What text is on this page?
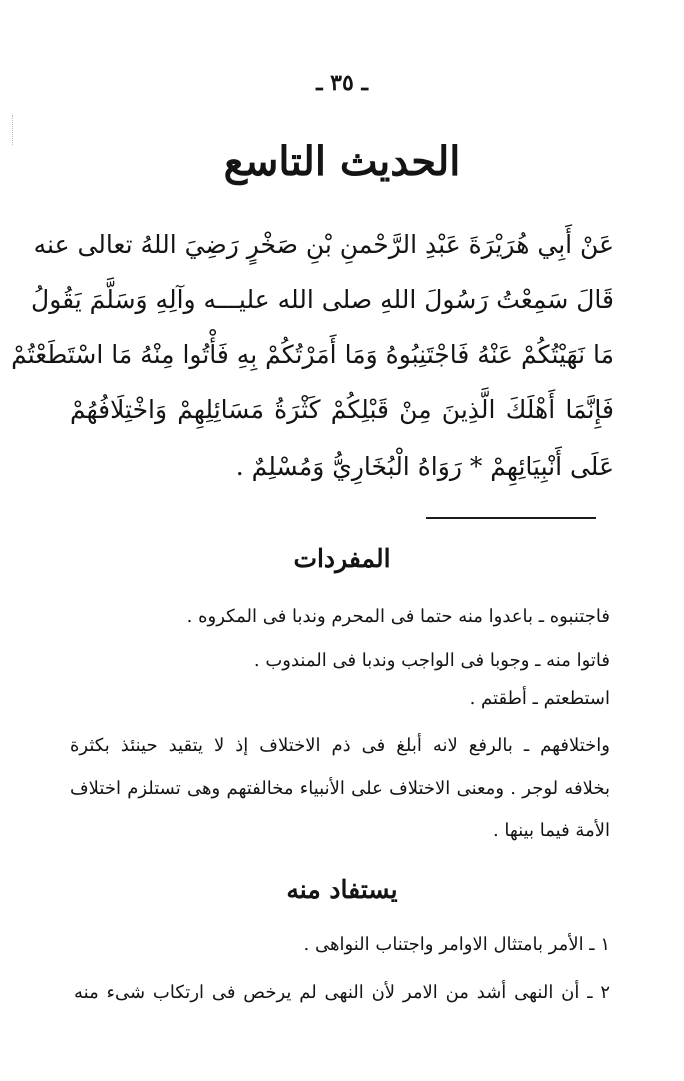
ـ ٣٥ ـ
الحديث التاسع
عَنْ أَبِي هُرَيْرَةَ عَبْدِ الرَّحْمنِ بْنِ صَخْرٍ رَضِيَ اللهُ تعالى عنه
قَالَ سَمِعْتُ رَسُولَ اللهِ صلى الله عليـــه وآلِهِ وَسَلَّمَ يَقُولُ
مَا نَهَيْتُكُمْ عَنْهُ فَاجْتَنِبُوهُ وَمَا أَمَرْتُكُمْ بِهِ فَأْتُوا مِنْهُ مَا اسْتَطَعْتُمْ
فَإِنَّمَا أَهْلَكَ الَّذِينَ مِنْ قَبْلِكُمْ كَثْرَةُ مَسَائِلِهِمْ وَاخْتِلَافُهُمْ
عَلَى أَنْبِيَائِهِمْ * رَوَاهُ الْبُخَارِيُّ وَمُسْلِمٌ .
المفردات
فاجتنبوه ـ باعدوا منه حتما فى المحرم وندبا فى المكروه .
فاتوا منه ـ وجوبا فى الواجب وندبا فى المندوب .
استطعتم ـ أطقتم .
واختلافهم ـ بالرفع لانه أبلغ فى ذم الاختلاف إذ لا يتقيد حينئذ بكثرة
بخلافه لوجر . ومعنى الاختلاف على الأنبياء مخالفتهم وهى تستلزم اختلاف
الأمة فيما بينها .
يستفاد منه
١ ـ الأمر بامتثال الاوامر واجتناب النواهى .
٢ ـ أن النهى أشد من الامر لأن النهى لم يرخص فى ارتكاب شىء منه
